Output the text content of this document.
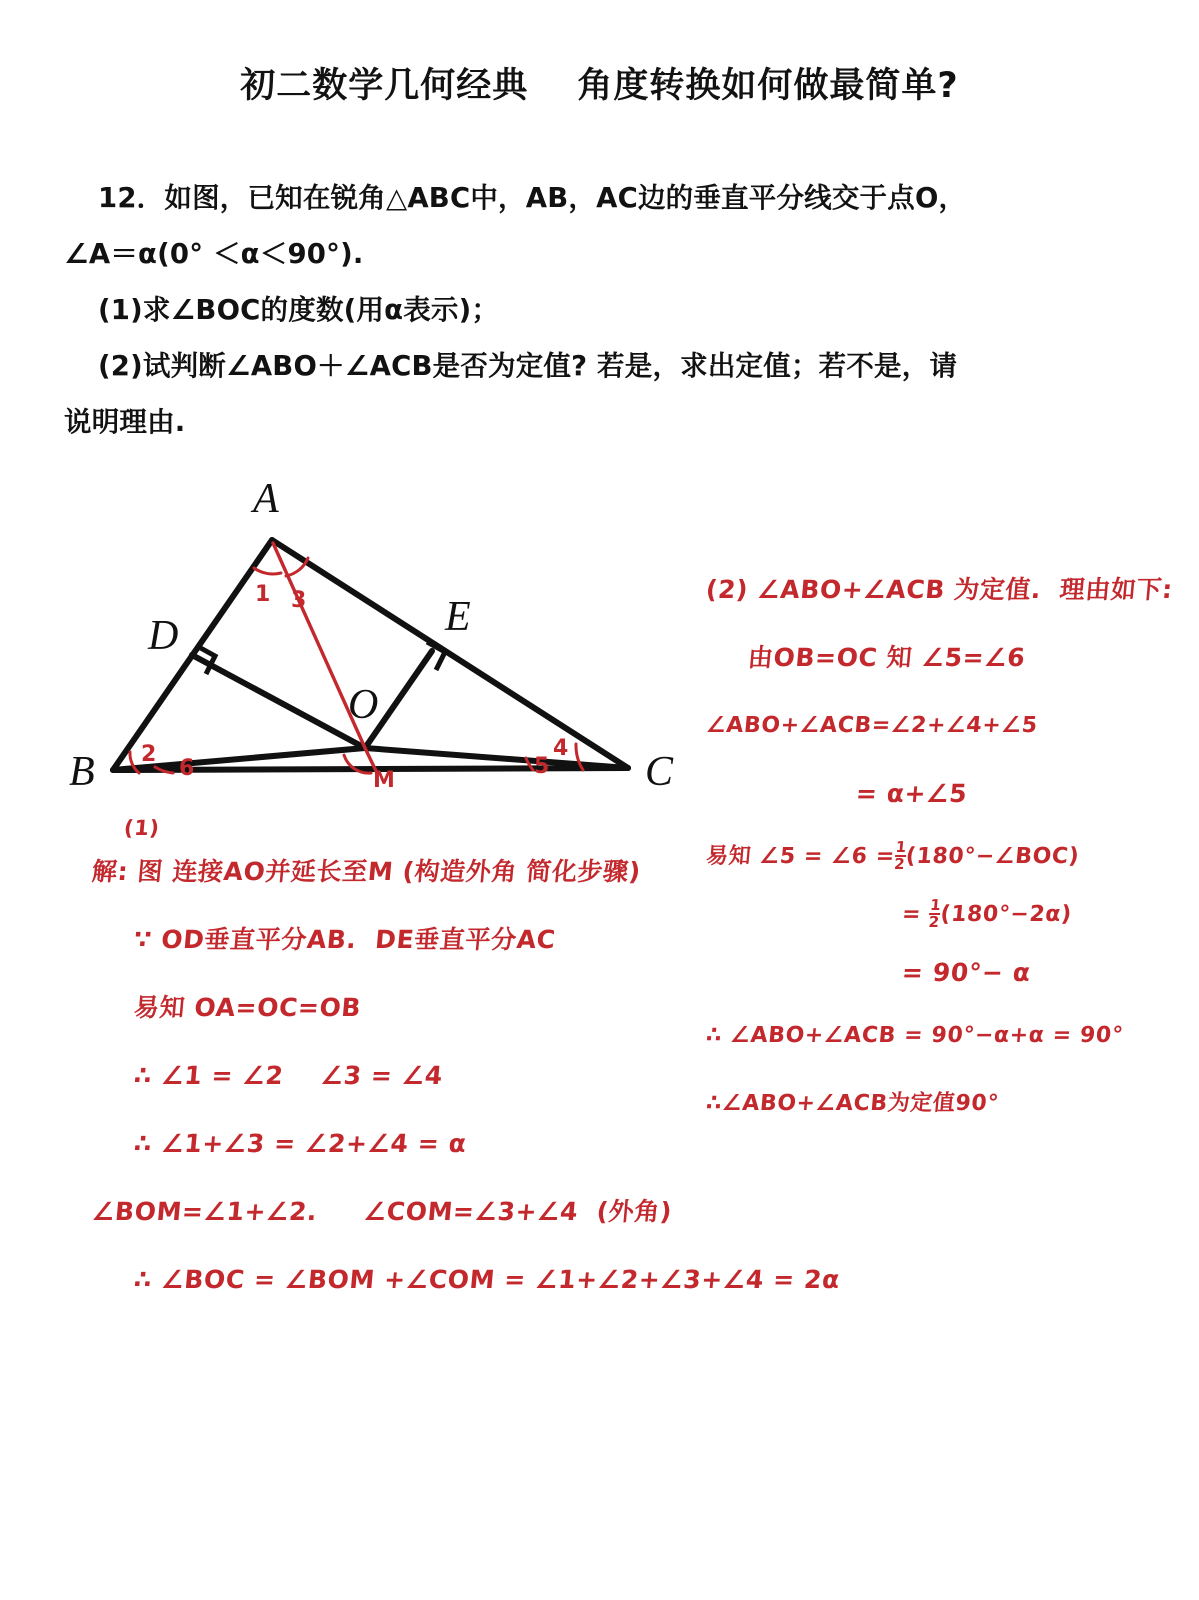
初二数学几何经典　 角度转换如何做最简单?
12．如图，已知在锐角△ABC中，AB，AC边的垂直平分线交于点O，
∠A＝α(0° ＜α＜90°).
(1)求∠BOC的度数(用α表示)；
(2)试判断∠ABO＋∠ACB是否为定值? 若是，求出定值；若不是，请
说明理由.
A
B	C
D	E
O
1 3
2
6	5
4
M
(1)
解: 图 连接AO并延长至M (构造外角 简化步骤)
∵ OD垂直平分AB.  DE垂直平分AC
易知 OA=OC=OB
∴ ∠1 = ∠2    ∠3 = ∠4
∴ ∠1+∠3 = ∠2+∠4 = α
∠BOM=∠1+∠2.     ∠COM=∠3+∠4  (外角)
∴ ∠BOC = ∠BOM +∠COM = ∠1+∠2+∠3+∠4 = 2α
(2) ∠ABO+∠ACB 为定值.  理由如下:
由OB=OC 知 ∠5=∠6
∠ABO+∠ACB=∠2+∠4+∠5
= α+∠5
易知 ∠5 = ∠6 =
$\frac{1}{2}$
(180°−∠BOC)
= $\frac{1}{2}$
(180°−2α)
= 90°− α
∴ ∠ABO+∠ACB = 90°−α+α = 90°
∴∠ABO+∠ACB为定值90°
